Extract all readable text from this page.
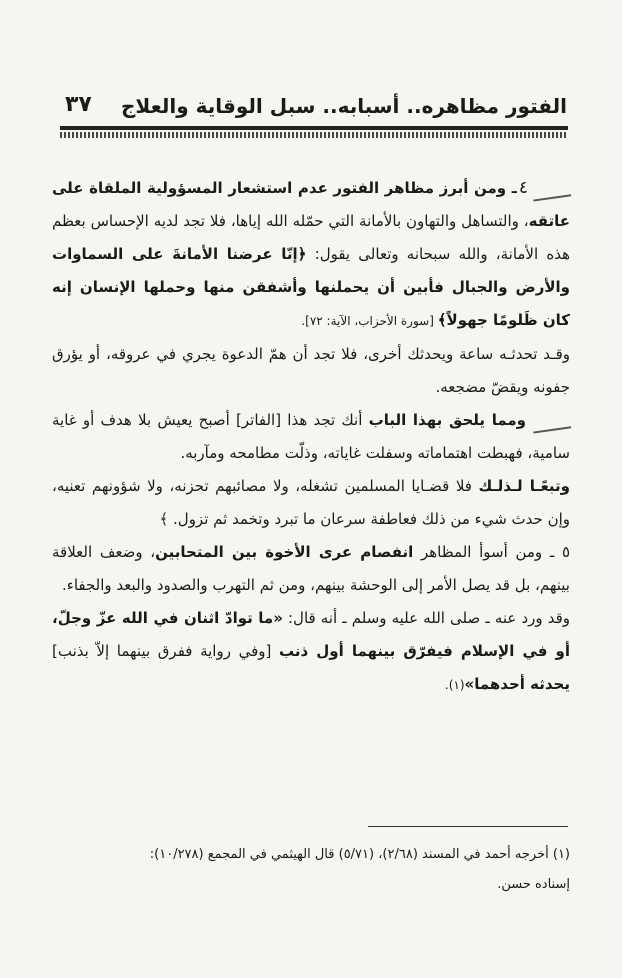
٣٧ الفتور مظاهره.. أسبابه.. سبل الوقاية والعلاج

٤ـ ومن أبرز مظاهر الفتور عدم استشعار المسؤولية الملقاة على عاتقه، والتساهل والتهاون بالأمانة التي حمّله الله إياها، فلا تجد لديه الإحساس بعظم هذه الأمانة، والله سبحانه وتعالى يقول: ﴿إنّا عرضنا الأمانةَ على السماوات والأرض والجبال فأبين أن يحملنها وأشفقن منها وحملها الإنسان إنه كان ظَلومًا جهولاً﴾ [سورة الأحزاب، الآية: ٧٢].

وقـد تحدثـه ساعة ويحدثك أخرى، فلا تجد أن همّ الدعوة يجري في عروقه، أو يؤرق جفونه ويقضّ مضجعه.

ومما يلحق بهذا الباب أنك تجد هذا [الفاتر] أصبح يعيش بلا هدف أو غاية سامية، فهبطت اهتماماته وسفلت غاياته، وذلّت مطامحه ومآربه.

وتبعًـا لـذلـك فلا قضـايا المسلمين تشغله، ولا مصائبهم تحزنه، ولا شؤونهم تعنيه، وإن حدث شيء من ذلك فعاطفة سرعان ما تبرد وتخمد ثم تزول. ﴾

٥ ـ ومن أسوأ المظاهر انفصام عرى الأخوة بين المتحابين، وضعف العلاقة بينهم، بل قد يصل الأمر إلى الوحشة بينهم، ومن ثم التهرب والصدود والبعد والجفاء.

وقد ورد عنه ـ صلى الله عليه وسلم ـ أنه قال: «ما توادّ اثنان في الله عزّ وجلّ، أو في الإسلام فيفرّق بينهما أول ذنب [وفي رواية ففرق بينهما إلاّ بذنب] يحدثه أحدهما»(١).

(١) أخرجه أحمد في المسند (٢/٦٨)، (٥/٧١) قال الهيثمي في المجمع (١٠/٢٧٨):

إسناده حسن.
